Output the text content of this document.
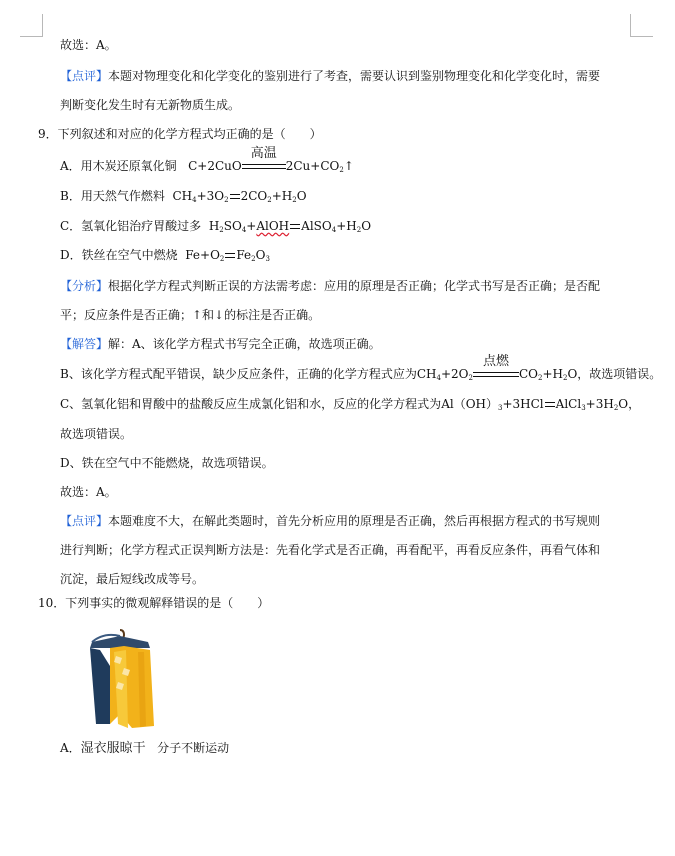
故选：A。
【点评】本题对物理变化和化学变化的鉴别进行了考查，需要认识到鉴别物理变化和化学变化时，需要
判断变化发生时有无新物质生成。
9．下列叙述和对应的化学方程式均正确的是（　　）
A．用木炭还原氧化铜   C+2CuO
高温
$2Cu+CO_2↑$
B．用天然气作燃料  $CH_4+3O_2$ $2CO_2+H_2O$
C．氢氧化铝治疗胃酸过多  $H_2SO_4+AlOH$ $AlSO_4+H_2O$
D．铁丝在空气中燃烧  $Fe+O_2$ $Fe_2O_3$
【分析】根据化学方程式判断正误的方法需考虑：应用的原理是否正确；化学式书写是否正确；是否配
平；反应条件是否正确；↑和↓的标注是否正确。
【解答】解：A、该化学方程式书写完全正确，故选项正确。
B、该化学方程式配平错误，缺少反应条件，正确的化学方程式应为$CH_4+2O_2$
点燃
$CO_2+H_2O$，故选项错误。
C、氢氧化铝和胃酸中的盐酸反应生成氯化铝和水，反应的化学方程式为$Al(OH)_3+3HCl$ $AlCl_3+3H_2O$，
故选项错误。
D、铁在空气中不能燃烧，故选项错误。
故选：A。
【点评】本题难度不大，在解此类题时，首先分析应用的原理是否正确，然后再根据方程式的书写规则
进行判断；化学方程式正误判断方法是：先看化学式是否正确，再看配平，再看反应条件，再看气体和
沉淀，最后短线改成等号。
10．下列事实的微观解释错误的是（　　）
A．湿衣服晾干 分子不断运动
